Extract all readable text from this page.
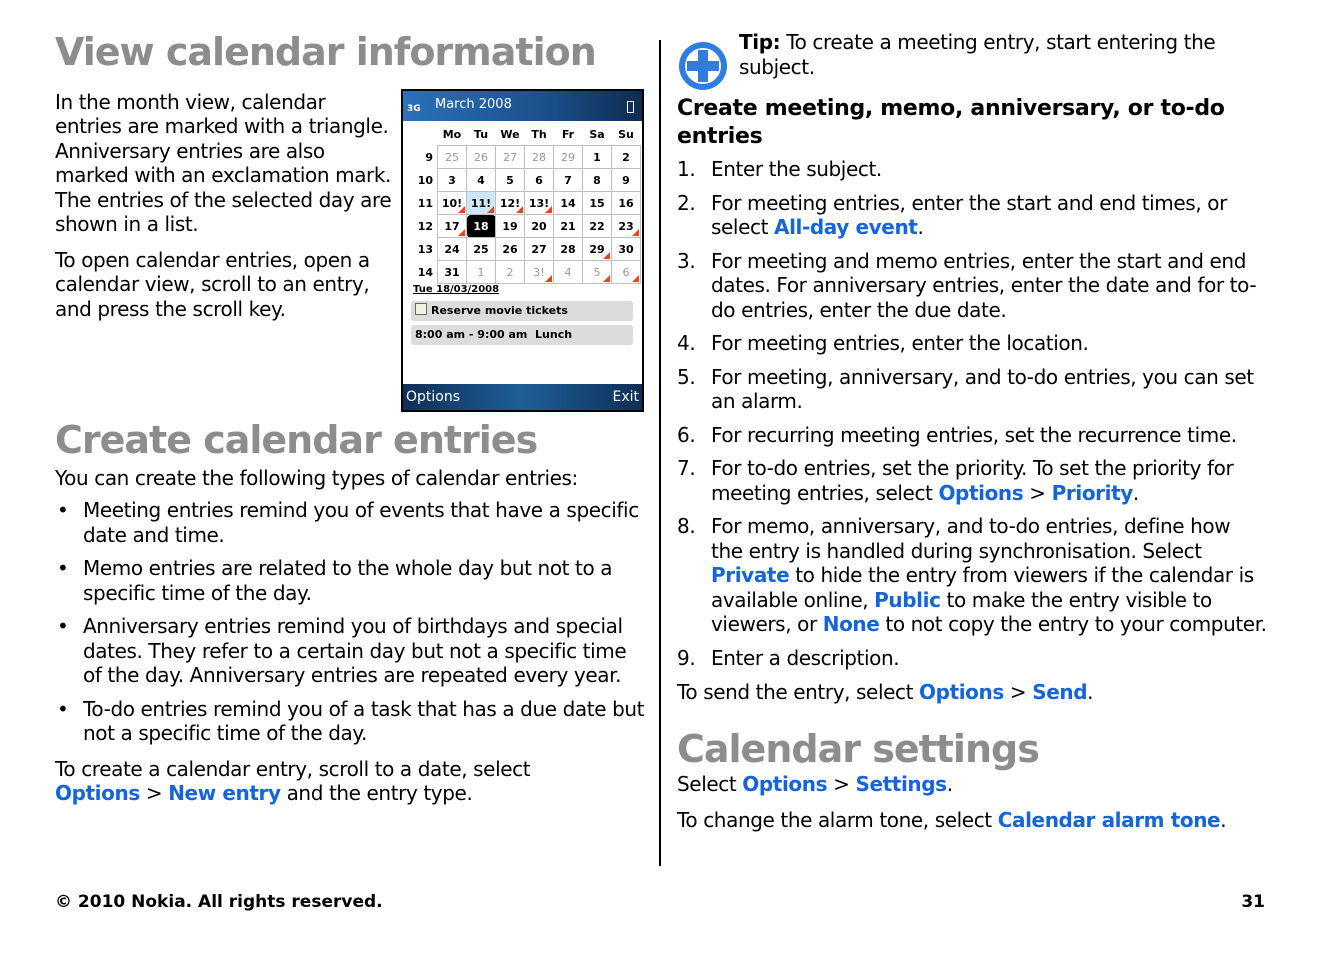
View calendar information

In the month view, calendar entries are marked with a triangle. Anniversary entries are also marked with an exclamation mark. The entries of the selected day are shown in a list.

To open calendar entries, open a calendar view, scroll to an entry, and press the scroll key.

Create calendar entries

You can create the following types of calendar entries:

• Meeting entries remind you of events that have a specific date and time.
• Memo entries are related to the whole day but not to a specific time of the day.
• Anniversary entries remind you of birthdays and special dates. They refer to a certain day but not a specific time of the day. Anniversary entries are repeated every year.
• To-do entries remind you of a task that has a due date but not a specific time of the day.

To create a calendar entry, scroll to a date, select Options > New entry and the entry type.

3G March 2008
	Mo	Tu	We	Th	Fr	Sa	Su
9	25	26	27	28	29	1	2
10	3	4	5	6	7	8	9
11	10!	11!	12!	13!	14	15	16
12	17	18	19	20	21	22	23

13	24	25	26	27	28	29	30
14	31	1	2	3!	4	5	6
Tue 18/03/2008
Reserve movie tickets
8:00 am - 9:00 am Lunch
Options	Exit

Tip: To create a meeting entry, start entering the subject.

Create meeting, memo, anniversary, or to-do entries
1. Enter the subject.
2. For meeting entries, enter the start and end times, or select All-day event.
3. For meeting and memo entries, enter the start and end dates. For anniversary entries, enter the date and for to-do entries, enter the due date.
4. For meeting entries, enter the location.
5. For meeting, anniversary, and to-do entries, you can set an alarm.
6. For recurring meeting entries, set the recurrence time.
7. For to-do entries, set the priority. To set the priority for meeting entries, select Options > Priority.
8. For memo, anniversary, and to-do entries, define how the entry is handled during synchronisation. Select Private to hide the entry from viewers if the calendar is available online, Public to make the entry visible to viewers, or None to not copy the entry to your computer.
9. Enter a description.

To send the entry, select Options > Send.

Calendar settings

Select Options > Settings.

To change the alarm tone, select Calendar alarm tone.

© 2010 Nokia. All rights reserved.	31
